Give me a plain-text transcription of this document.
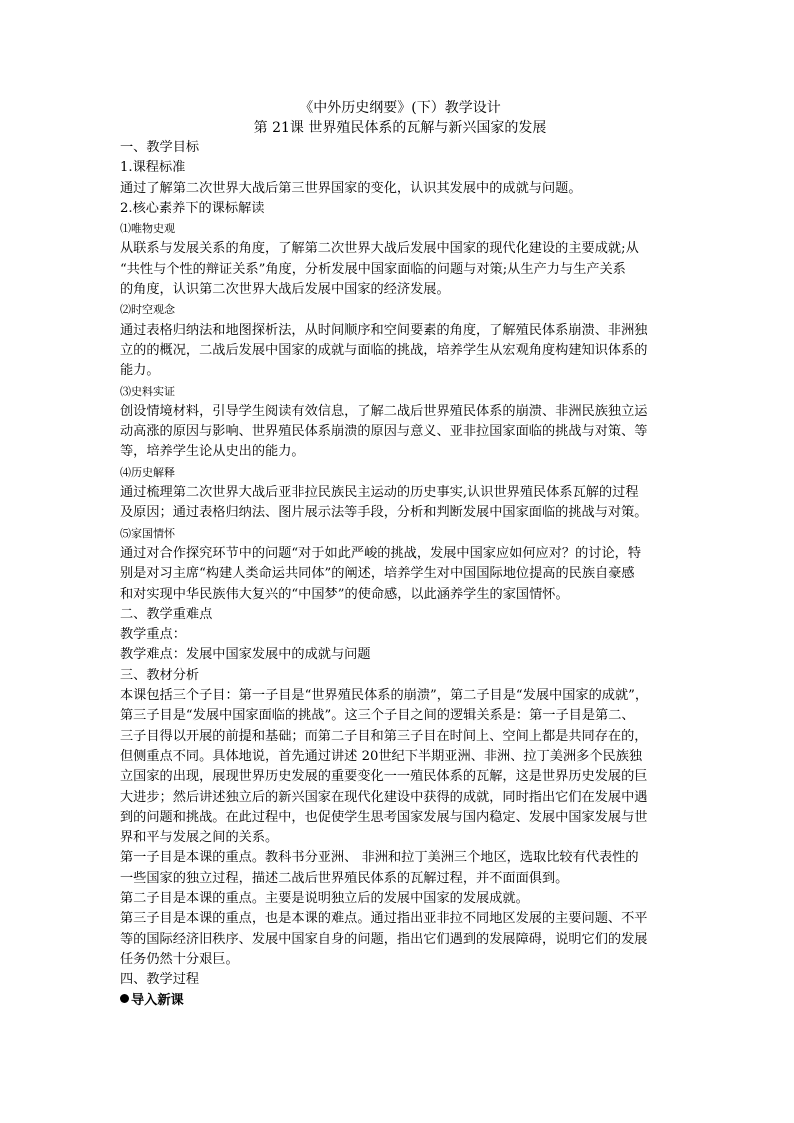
《中外历史纲要》(下）教学设计
第 21课 世界殖民体系的瓦解与新兴国家的发展
一、教学目标
1.课程标准
通过了解第二次世界大战后第三世界国家的变化，认识其发展中的成就与问题。
2.核心素养下的课标解读
⑴唯物史观
从联系与发展关系的角度，了解第二次世界大战后发展中国家的现代化建设的主要成就;从
“共性与个性的辩证关系”角度，分析发展中国家面临的问题与对策;从生产力与生产关系
的角度，认识第二次世界大战后发展中国家的经济发展。
⑵时空观念
通过表格归纳法和地图探析法，从时间顺序和空间要素的角度，了解殖民体系崩溃、非洲独
立的的概况，二战后发展中国家的成就与面临的挑战，培养学生从宏观角度构建知识体系的
能力。
⑶史料实证
创设情境材料，引导学生阅读有效信息，了解二战后世界殖民体系的崩溃、非洲民族独立运
动高涨的原因与影响、世界殖民体系崩溃的原因与意义、亚非拉国家面临的挑战与对策、等
等，培养学生论从史出的能力。
⑷历史解释
通过梳理第二次世界大战后亚非拉民族民主运动的历史事实,认识世界殖民体系瓦解的过程
及原因；通过表格归纳法、图片展示法等手段，分析和判断发展中国家面临的挑战与对策。
⑸家国情怀
通过对合作探究环节中的问题“对于如此严峻的挑战，发展中国家应如何应对？的讨论，特
别是对习主席“构建人类命运共同体”的阐述，培养学生对中国国际地位提高的民族自豪感
和对实现中华民族伟大复兴的“中国梦”的使命感，以此涵养学生的家国情怀。
二、教学重难点
教学重点：
教学难点：发展中国家发展中的成就与问题
三、教材分析
本课包括三个子目：第一子目是“世界殖民体系的崩溃”，第二子目是“发展中国家的成就”，
第三子目是“发展中国家面临的挑战”。这三个子目之间的逻辑关系是：第一子目是第二、
三子目得以开展的前提和基础；而第二子目和第三子目在时间上、空间上都是共同存在的，
但侧重点不同。具体地说，首先通过讲述 20世纪下半期亚洲、非洲、拉丁美洲多个民族独
立国家的出现，展现世界历史发展的重要变化一一殖民体系的瓦解，这是世界历史发展的巨
大进步；然后讲述独立后的新兴国家在现代化建设中获得的成就，同时指出它们在发展中遇
到的问题和挑战。在此过程中，也促使学生思考国家发展与国内稳定、发展中国家发展与世
界和平与发展之间的关系。
第一子目是本课的重点。教科书分亚洲、 非洲和拉丁美洲三个地区，选取比较有代表性的
一些国家的独立过程，描述二战后世界殖民体系的瓦解过程，并不面面俱到。
第二子目是本课的重点。主要是说明独立后的发展中国家的发展成就。
第三子目是本课的重点，也是本课的难点。通过指出亚非拉不同地区发展的主要问题、不平
等的国际经济旧秩序、发展中国家自身的问题，指出它们遇到的发展障碍，说明它们的发展
任务仍然十分艰巨。
四、教学过程
导入新课
